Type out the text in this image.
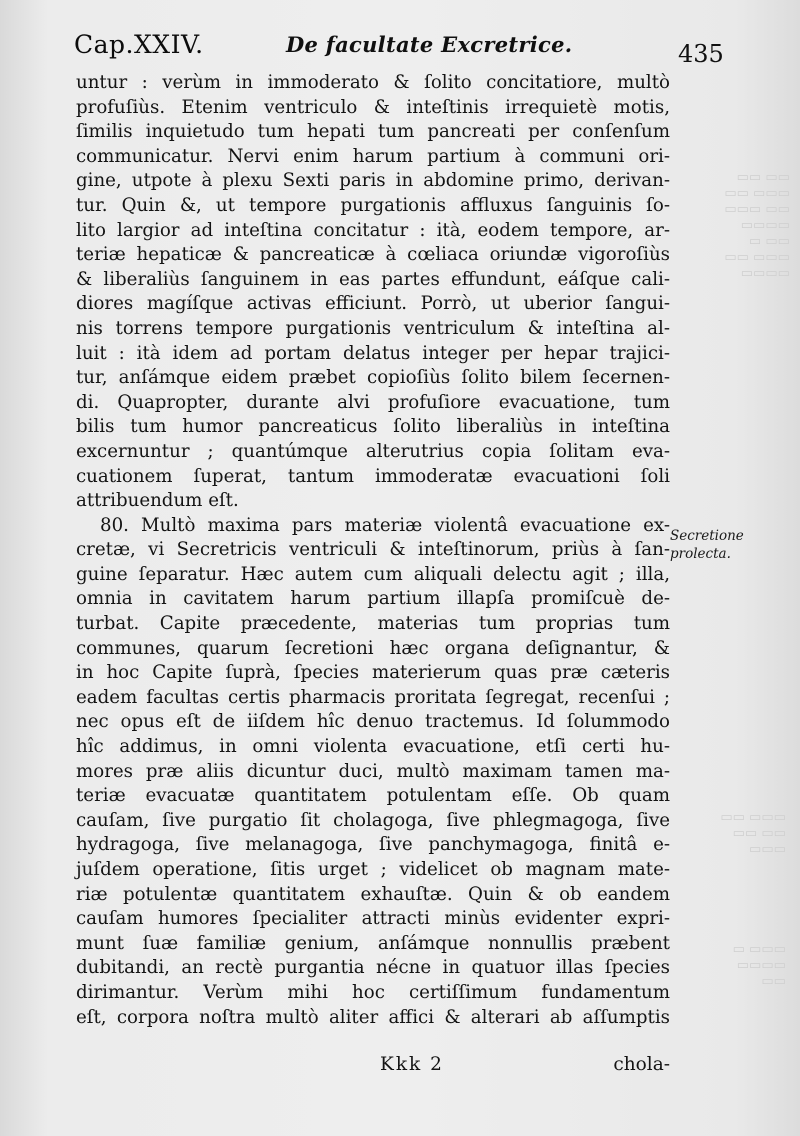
▭▭ ▭▭
▭▭▭ ▭▭
▭▭ ▭▭▭
▭▭▭▭
▭▭ ▭
▭▭▭ ▭▭
▭▭▭▭
▭▭▭ ▭▭
▭▭ ▭▭
▭▭▭
▭▭▭ ▭
▭▭▭▭
▭▭
Cap.XXIV.	De facultate Excretrice.	435
untur : verùm in immoderato & ſolito concitatiore, multò
profuſiùs. Etenim ventriculo & inteſtinis irrequietè motis,
ſimilis inquietudo tum hepati tum pancreati per conſenſum
communicatur. Nervi enim harum partium à communi ori-
gine, utpote à plexu Sexti paris in abdomine primo, derivan-
tur. Quin &, ut tempore purgationis affluxus ſanguinis ſo-
lito largior ad inteſtina concitatur : ità, eodem tempore, ar-
teriæ hepaticæ & pancreaticæ à cœliaca oriundæ vigoroſiùs
& liberaliùs ſanguinem in eas partes effundunt, eáſque cali-
diores magíſque activas efficiunt. Porrò, ut uberior ſangui-
nis torrens tempore purgationis ventriculum & inteſtina al-
luit : ità idem ad portam delatus integer per hepar trajici-
tur, anſámque eidem præbet copioſiùs ſolito bilem ſecernen-
di. Quapropter, durante alvi profuſiore evacuatione, tum
bilis tum humor pancreaticus ſolito liberaliùs in inteſtina
excernuntur ; quantúmque alterutrius copia ſolitam eva-
cuationem ſuperat, tantum immoderatæ evacuationi ſoli
attribuendum eſt.
80. Multò maxima pars materiæ violentâ evacuatione ex-
cretæ, vi Secretricis ventriculi & inteſtinorum, priùs à ſan-
guine ſeparatur. Hæc autem cum aliquali delectu agit ; illa,
omnia in cavitatem harum partium illapſa promiſcuè de-
turbat. Capite præcedente, materias tum proprias tum
communes, quarum ſecretioni hæc organa deſignantur, &
in hoc Capite ſuprà, ſpecies materierum quas præ cæteris
eadem facultas certis pharmacis proritata ſegregat, recenſui ;
nec opus eſt de iiſdem hîc denuo tractemus. Id ſolummodo
hîc addimus, in omni violenta evacuatione, etſi certi hu-
mores præ aliis dicuntur duci, multò maximam tamen ma-
teriæ evacuatæ quantitatem potulentam eſſe. Ob quam
cauſam, ſive purgatio ſit cholagoga, ſive phlegmagoga, ſive
hydragoga, ſive melanagoga, ſive panchymagoga, finitâ e-
juſdem operatione, ſitis urget ; videlicet ob magnam mate-
riæ potulentæ quantitatem exhauſtæ. Quin & ob eandem
cauſam humores ſpecialiter attracti minùs evidenter expri-
munt ſuæ familiæ genium, anſámque nonnullis præbent
dubitandi, an rectè purgantia nécne in quatuor illas ſpecies
dirimantur. Verùm mihi hoc certiſſimum fundamentum
eſt, corpora noſtra multò aliter affici & alterari ab aſſumptis
Secretione
prolecta.
Kkk 2	chola-
